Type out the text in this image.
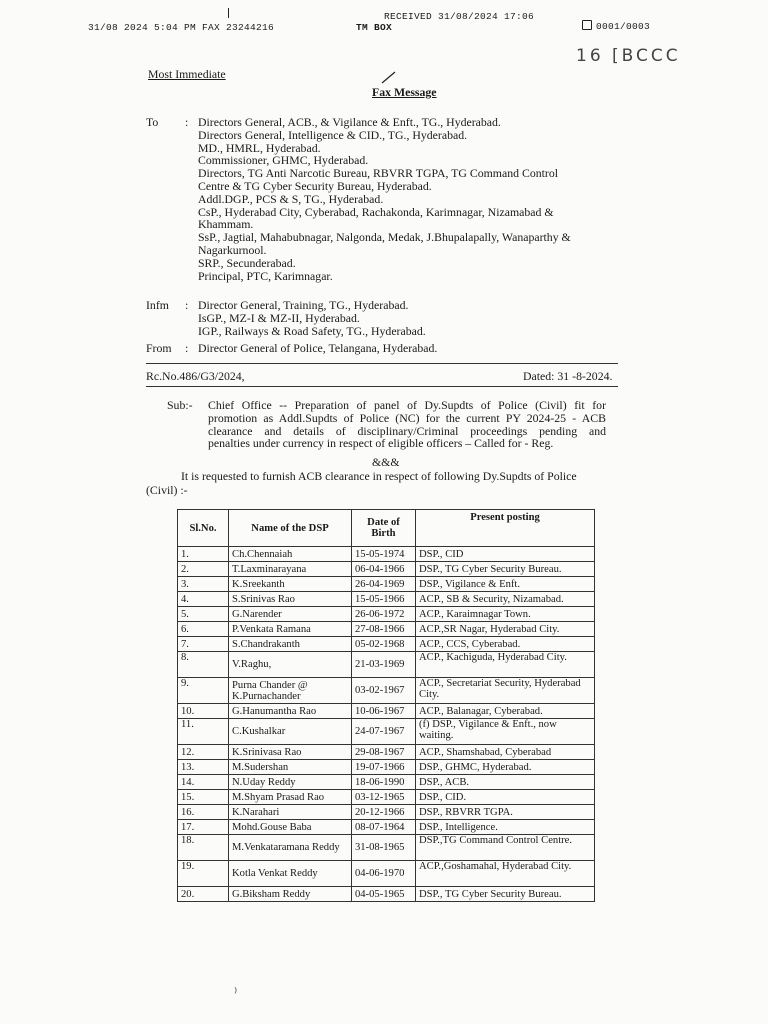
31/08 2024 5:04 PM FAX 23244216
RECEIVED 31/08/2024 17:06
TM BOX	0001/0003
16 [BCCC
Most Immediate
Fax Message
To : Directors General, ACB., & Vigilance & Enft., TG., Hyderabad.
Directors General, Intelligence & CID., TG., Hyderabad.
MD., HMRL, Hyderabad.
Commissioner, GHMC, Hyderabad.
Directors, TG Anti Narcotic Bureau, RBVRR TGPA, TG Command Control
Centre & TG Cyber Security Bureau, Hyderabad.
Addl.DGP., PCS & S, TG., Hyderabad.
CsP., Hyderabad City, Cyberabad, Rachakonda, Karimnagar, Nizamabad &
Khammam.
SsP., Jagtial, Mahabubnagar, Nalgonda, Medak, J.Bhupalapally, Wanaparthy &
Nagarkurnool.
SRP., Secunderabad.
Principal, PTC, Karimnagar.
Infm : Director General, Training, TG., Hyderabad.
IsGP., MZ-I & MZ-II, Hyderabad.
IGP., Railways & Road Safety, TG., Hyderabad.
From : Director General of Police, Telangana, Hyderabad.
Rc.No.486/G3/2024,	Dated: 31 -8-2024.
Sub:- Chief Office -- Preparation of panel of Dy.Supdts of Police (Civil) fit for
promotion as Addl.Supdts of Police (NC) for the current PY 2024-25 - ACB
clearance and details of disciplinary/Criminal proceedings pending and
penalties under currency in respect of eligible officers – Called for - Reg.
&&&
It is requested to furnish ACB clearance in respect of following Dy.Supdts of Police
(Civil) :-
Sl.No.	Name of the DSP	Date of Birth	Present posting
1.	Ch.Chennaiah	15-05-1974	DSP., CID
2.	T.Laxminarayana	06-04-1966	DSP., TG Cyber Security Bureau.
3.	K.Sreekanth	26-04-1969	DSP., Vigilance & Enft.
4.	S.Srinivas Rao	15-05-1966	ACP., SB & Security, Nizamabad.
5.	G.Narender	26-06-1972	ACP., Karaimnagar Town.
6.	P.Venkata Ramana	27-08-1966	ACP.,SR Nagar, Hyderabad City.
7.	S.Chandrakanth	05-02-1968	ACP., CCS, Cyberabad.
8.	V.Raghu,	21-03-1969	ACP., Kachiguda, Hyderabad City.
9.	Purna Chander @ K.Purnachander	03-02-1967	ACP., Secretariat Security, Hyderabad City.
10.	G.Hanumantha Rao	10-06-1967	ACP., Balanagar, Cyberabad.
11.	C.Kushalkar	24-07-1967	(f) DSP., Vigilance & Enft., now waiting.
12.	K.Srinivasa Rao	29-08-1967	ACP., Shamshabad, Cyberabad
13.	M.Sudershan	19-07-1966	DSP., GHMC, Hyderabad.
14.	N.Uday Reddy	18-06-1990	DSP., ACB.
15.	M.Shyam Prasad Rao	03-12-1965	DSP., CID.
16.	K.Narahari	20-12-1966	DSP., RBVRR TGPA.
17.	Mohd.Gouse Baba	08-07-1964	DSP., Intelligence.
18.	M.Venkataramana Reddy	31-08-1965	DSP.,TG Command Control Centre.
19.	Kotla Venkat Reddy	04-06-1970	ACP.,Goshamahal, Hyderabad City.
20.	G.Biksham Reddy	04-05-1965	DSP., TG Cyber Security Bureau.
⁾
